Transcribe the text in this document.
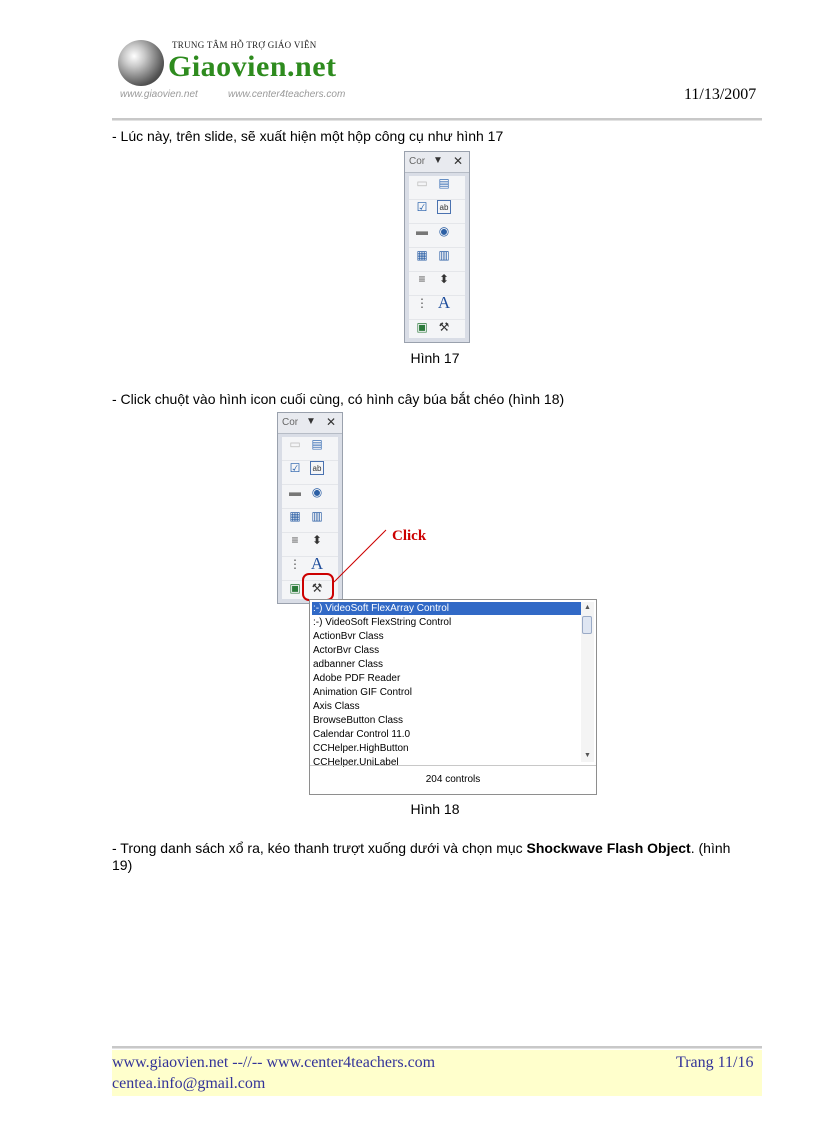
TRUNG TÂM HỖ TRỢ GIÁO VIÊN
Giaovien.net
www.giaovien.net	www.center4teachers.com	11/13/2007
- Lúc này, trên slide, sẽ xuất hiện một hộp công cụ như hình 17
Cor ▼ ✕
▭ ▤
☑	ab
▬ ◉
▦ ▥
≡ ⬍
⋮ A
▣ ⚒
Hình 17
- Click chuột vào hình icon cuối cùng, có hình cây búa bắt chéo (hình 18)
Cor ▼ ✕
▭ ▤
☑	ab
▬ ◉
▦ ▥
≡ ⬍
⋮ A
▣ ⚒
Click
:-) VideoSoft FlexArray Control
:-) VideoSoft FlexString Control
ActionBvr Class
ActorBvr Class
adbanner Class
Adobe PDF Reader
Animation GIF Control
Axis Class
BrowseButton Class
Calendar Control 11.0
CCHelper.HighButton
CCHelper.UniLabel
▲
▼
204 controls
Hình 18
- Trong danh sách xổ ra, kéo thanh trượt xuống dưới và chọn mục Shockwave Flash Object. (hình 19)
www.giaovien.net --//-- www.center4teachers.com
centea.info@gmail.com
Trang 11/16
